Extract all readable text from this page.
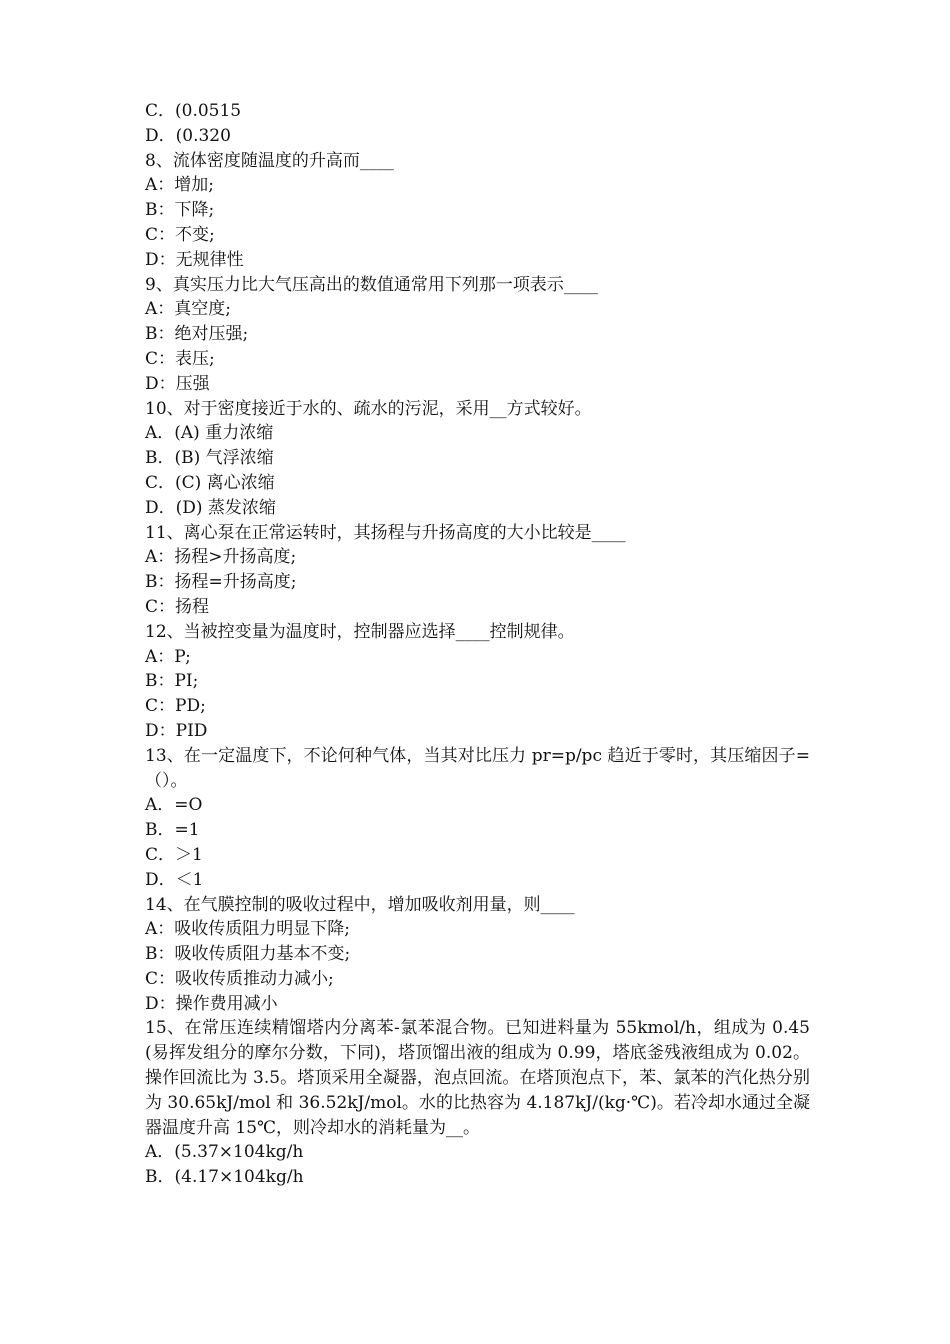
C．(0.0515
D．(0.320
8、流体密度随温度的升高而____
A：增加;
B：下降;
C：不变;
D：无规律性
9、真实压力比大气压高出的数值通常用下列那一项表示____
A：真空度;
B：绝对压强;
C：表压;
D：压强
10、对于密度接近于水的、疏水的污泥，采用__方式较好。
A．(A) 重力浓缩
B．(B) 气浮浓缩
C．(C) 离心浓缩
D．(D) 蒸发浓缩
11、离心泵在正常运转时，其扬程与升扬高度的大小比较是____
A：扬程>升扬高度;
B：扬程=升扬高度;
C：扬程
12、当被控变量为温度时，控制器应选择____控制规律。
A：P;
B：PI;
C：PD;
D：PID
13、在一定温度下，不论何种气体，当其对比压力 pr=p/pc 趋近于零时，其压缩因子=（）。
A．=O
B．=1
C．＞1
D．＜1
14、在气膜控制的吸收过程中，增加吸收剂用量，则____
A：吸收传质阻力明显下降;
B：吸收传质阻力基本不变;
C：吸收传质推动力减小;
D：操作费用减小
15、在常压连续精馏塔内分离苯-氯苯混合物。已知进料量为 55kmol/h，组成为 0.45 (易挥发组分的摩尔分数，下同)，塔顶馏出液的组成为 0.99，塔底釜残液组成为 0.02。操作回流比为 3.5。塔顶采用全凝器，泡点回流。在塔顶泡点下，苯、氯苯的汽化热分别为 30.65kJ/mol 和 36.52kJ/mol。水的比热容为 4.187kJ/(kg·℃)。若冷却水通过全凝器温度升高 15℃，则冷却水的消耗量为__。
A．(5.37×104kg/h
B．(4.17×104kg/h
